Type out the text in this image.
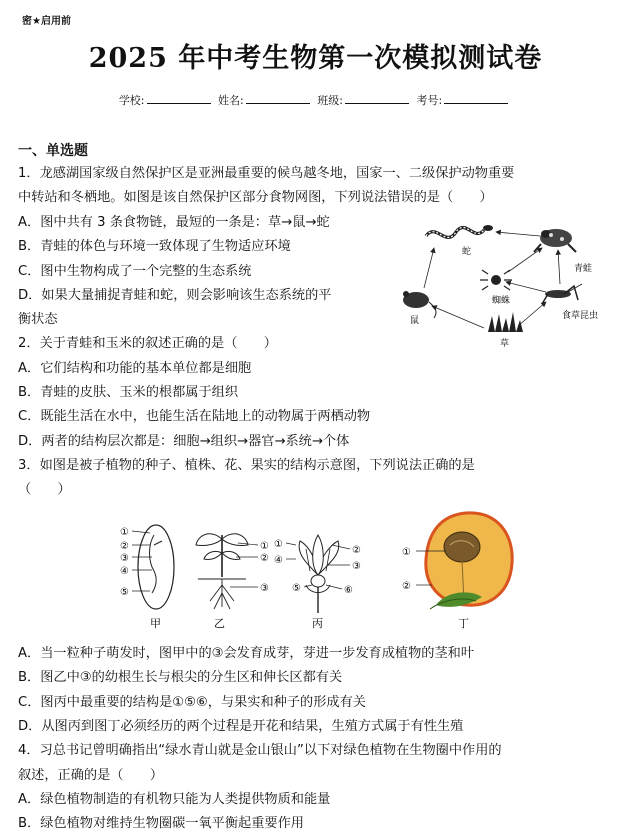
密★启用前
2025 年中考生物第一次模拟测试卷
学校:	姓名:	班级:	考号:
一、单选题
1．龙感湖国家级自然保护区是亚洲最重要的候鸟越冬地，国家一、二级保护动物重要
中转站和冬栖地。如图是该自然保护区部分食物网图，下列说法错误的是（　　）
A．图中共有 3 条食物链，最短的一条是：草→鼠→蛇
B．青蛙的体色与环境一致体现了生物适应环境
C．图中生物构成了一个完整的生态系统
D．如果大量捕捉青蛙和蛇，则会影响该生态系统的平
衡状态
蛇
青蛙
蜘蛛
食草昆虫
鼠
草
2．关于青蛙和玉米的叙述正确的是（　　）
A．它们结构和功能的基本单位都是细胞
B．青蛙的皮肤、玉米的根都属于组织
C．既能生活在水中，也能生活在陆地上的动物属于两栖动物
D．两者的结构层次都是：细胞→组织→器官→系统→个体
3．如图是被子植物的种子、植株、花、果实的结构示意图，下列说法正确的是
（　　）
①
②
③
④
⑤
甲
①
②
③
乙
①
④
②
③
⑤	⑥
丙
①
②
丁
A．当一粒种子萌发时，图甲中的③会发育成芽，芽进一步发育成植物的茎和叶
B．图乙中③的幼根生长与根尖的分生区和伸长区都有关
C．图丙中最重要的结构是①⑤⑥，与果实和种子的形成有关
D．从图丙到图丁必须经历的两个过程是开花和结果，生殖方式属于有性生殖
4．习总书记曾明确指出“绿水青山就是金山银山”以下对绿色植物在生物圈中作用的
叙述，正确的是（　　）
A．绿色植物制造的有机物只能为人类提供物质和能量
B．绿色植物对维持生物圈碳一氧平衡起重要作用
